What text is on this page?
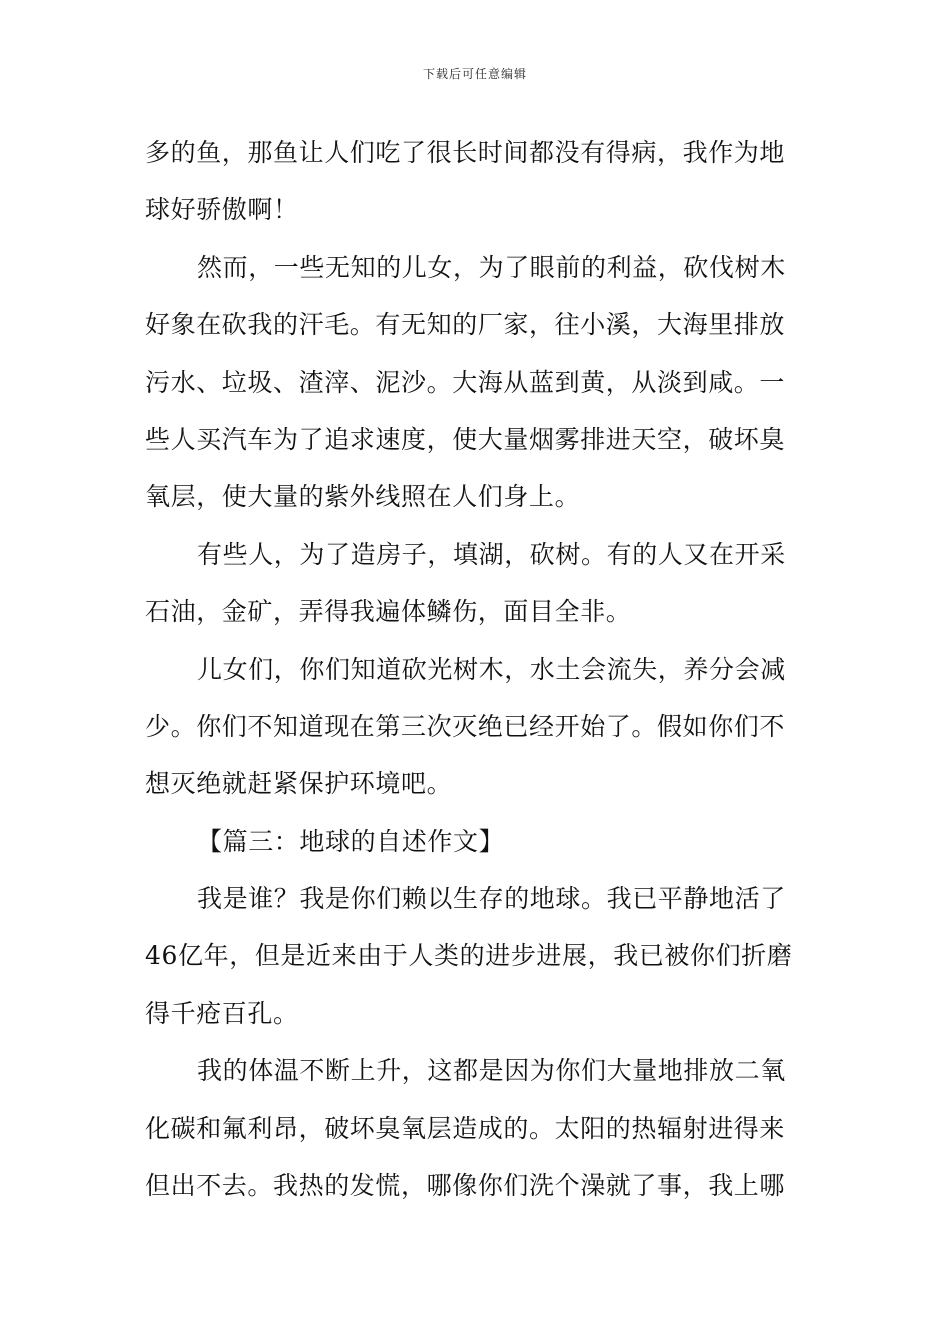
下载后可任意编辑
多的鱼，那鱼让人们吃了很长时间都没有得病，我作为地
球好骄傲啊！
然而，一些无知的儿女，为了眼前的利益，砍伐树木
好象在砍我的汗毛。有无知的厂家，往小溪，大海里排放
污水、垃圾、渣滓、泥沙。大海从蓝到黄，从淡到咸。一
些人买汽车为了追求速度，使大量烟雾排进天空，破坏臭
氧层，使大量的紫外线照在人们身上。
有些人，为了造房子，填湖，砍树。有的人又在开采
石油，金矿，弄得我遍体鳞伤，面目全非。
儿女们，你们知道砍光树木，水土会流失，养分会减
少。你们不知道现在第三次灭绝已经开始了。假如你们不
想灭绝就赶紧保护环境吧。
【篇三：地球的自述作文】
我是谁？我是你们赖以生存的地球。我已平静地活了
46亿年，但是近来由于人类的进步进展，我已被你们折磨
得千疮百孔。
我的体温不断上升，这都是因为你们大量地排放二氧
化碳和氟利昂，破坏臭氧层造成的。太阳的热辐射进得来
但出不去。我热的发慌，哪像你们洗个澡就了事，我上哪
